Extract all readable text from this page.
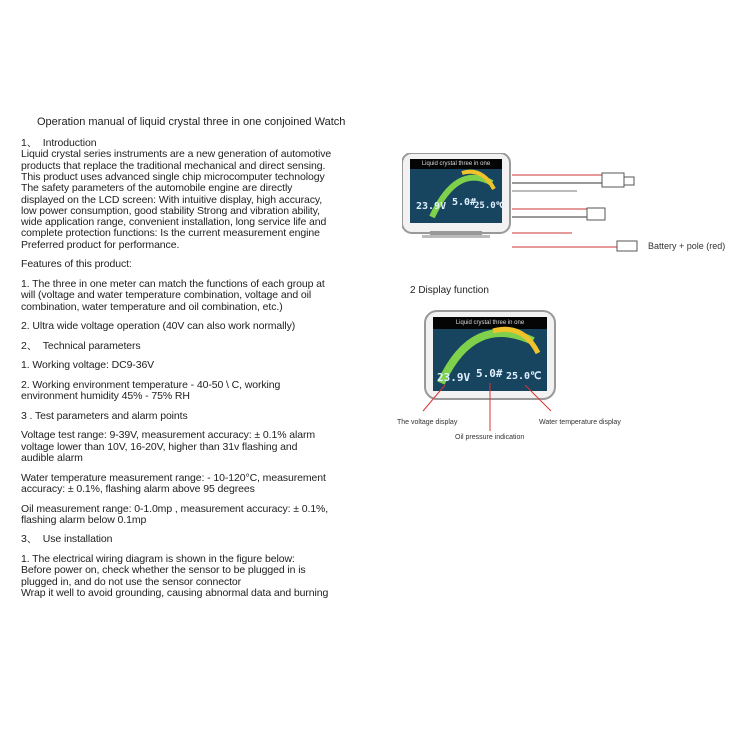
Operation manual of liquid crystal three in one conjoined Watch
1、  Introduction
Liquid crystal series instruments are a new generation of automotive
products that replace the traditional mechanical and direct sensing.
This product uses advanced single chip microcomputer technology
The safety parameters of the automobile engine are directly
displayed on the LCD screen: With intuitive display, high accuracy,
low power consumption, good stability Strong and vibration ability,
wide application range, convenient installation, long service life and
complete protection functions: Is the current measurement engine
Preferred product for performance.
Features of this product:
1. The three in one meter can match the functions of each group at
will (voltage and water temperature combination, voltage and oil
combination, water temperature and oil combination, etc.)
2. Ultra wide voltage operation (40V can also work normally)
2、  Technical parameters
1. Working voltage: DC9-36V
2. Working environment temperature - 40-50 \ C, working
environment humidity 45% - 75% RH
3 . Test parameters and alarm points
Voltage test range: 9-39V, measurement accuracy: ± 0.1% alarm
voltage lower than 10V, 16-20V, higher than 31v flashing and
audible alarm
Water temperature measurement range: - 10-120°C, measurement
accuracy: ± 0.1%, flashing alarm above 95 degrees
Oil measurement range: 0-1.0mp , measurement accuracy: ± 0.1%,
flashing alarm below 0.1mp
3、  Use installation
1. The electrical wiring diagram is shown in the figure below:
Before power on, check whether the sensor to be plugged in is
plugged in, and do not use the sensor connector
Wrap it well to avoid grounding, causing abnormal data and burning
Liquid crystal three in one
23.9V 5.0#
25.0℃
Battery + pole (red)
2 Display function
Liquid crystal three in one
23.9V 5.0# 25.0℃
The voltage display
Oil pressure indication
Water temperature display
